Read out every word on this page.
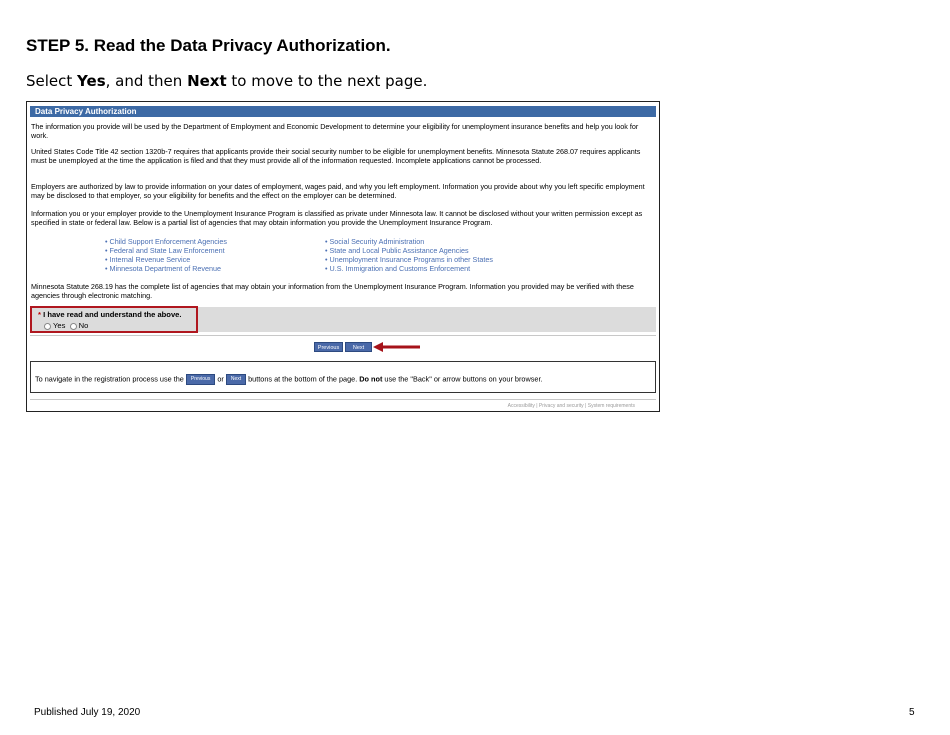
STEP 5. Read the Data Privacy Authorization.
Select Yes, and then Next to move to the next page.
Data Privacy Authorization
The information you provide will be used by the Department of Employment and Economic Development to determine your eligibility for unemployment insurance benefits and help you look for work.
United States Code Title 42 section 1320b-7 requires that applicants provide their social security number to be eligible for unemployment benefits. Minnesota Statute 268.07 requires applicants must be unemployed at the time the application is filed and that they must provide all of the information requested. Incomplete applications cannot be processed.
Employers are authorized by law to provide information on your dates of employment, wages paid, and why you left employment. Information you provide about why you left specific employment may be disclosed to that employer, so your eligibility for benefits and the effect on the employer can be determined.
Information you or your employer provide to the Unemployment Insurance Program is classified as private under Minnesota law. It cannot be disclosed without your written permission except as specified in state or federal law. Below is a partial list of agencies that may obtain information you provide the Unemployment Insurance Program.
• Child Support Enforcement Agencies
• Federal and State Law Enforcement
• Internal Revenue Service
• Minnesota Department of Revenue
• Social Security Administration
• State and Local Public Assistance Agencies
• Unemployment Insurance Programs in other States
• U.S. Immigration and Customs Enforcement
Minnesota Statute 268.19 has the complete list of agencies that may obtain your information from the Unemployment Insurance Program. Information you provided may be verified with these agencies through electronic matching.
* I have read and understand the above.
Yes No
Previous	Next
To navigate in the registration process use the Previous or Next buttons at the bottom of the page. Do not use the "Back" or arrow buttons on your browser.
Accessibility | Privacy and security | System requirements
Published July 19, 2020	5
